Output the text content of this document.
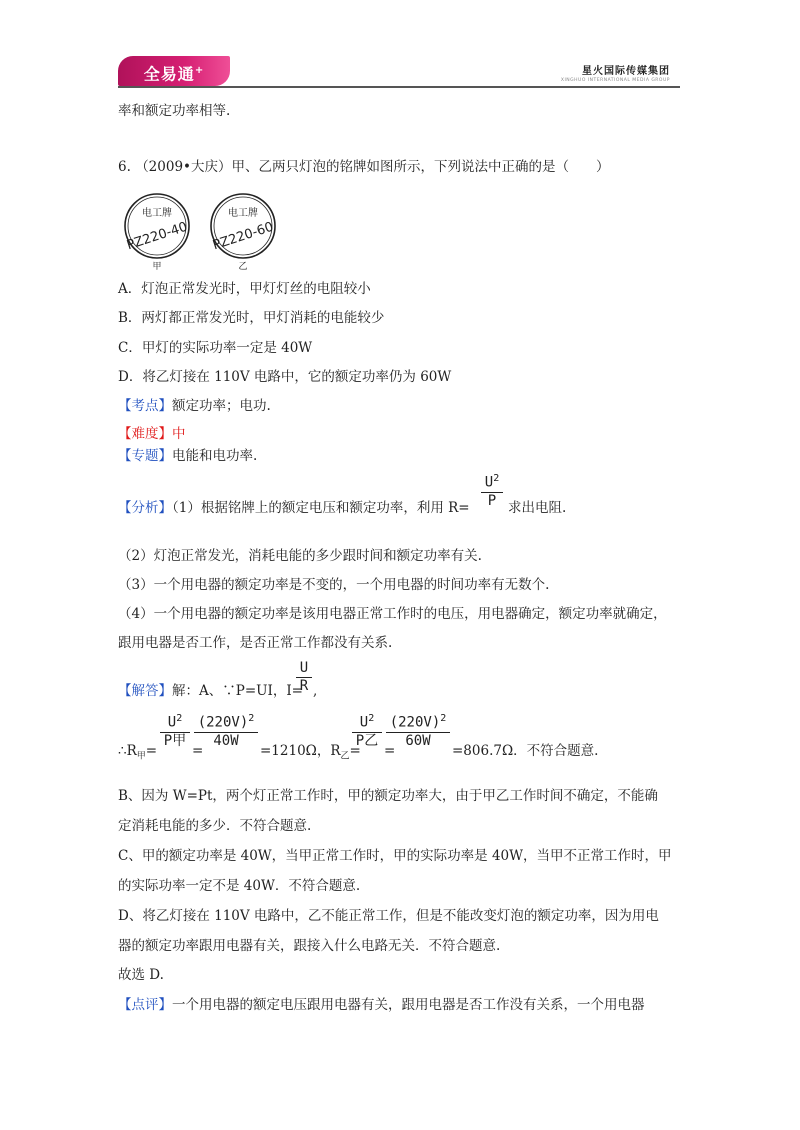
全易通+	星火国际传媒集团
XINGHUO INTERNATIONAL MEDIA GROUP
率和额定功率相等.
6. （2009•大庆）甲、乙两只灯泡的铭牌如图所示，下列说法中正确的是（　　）
电工牌
PZ220-40
甲
电工牌
PZ220-60
乙
A．灯泡正常发光时，甲灯灯丝的电阻较小
B．两灯都正常发光时，甲灯消耗的电能较少
C．甲灯的实际功率一定是 40W
D．将乙灯接在 110V 电路中，它的额定功率仍为 60W
【考点】额定功率；电功.
【难度】中
【专题】电能和电功率.
【分析】（1）根据铭牌上的额定电压和额定功率，利用 R=
$U^2$
P 求出电阻.
（2）灯泡正常发光，消耗电能的多少跟时间和额定功率有关.
（3）一个用电器的额定功率是不变的，一个用电器的时间功率有无数个.
（4）一个用电器的额定功率是该用电器正常工作时的电压，用电器确定，额定功率就确定，
跟用电器是否工作，是否正常工作都没有关系.
【解答】解：A、∵P=UI，I=
U
R ,
$\therefore R_甲=$
$U^2$
P甲
=
$(220V)^2$
40W
=1210Ω，$R_乙=$
$U^2$
P乙
=
$(220V)^2$
60W
=806.7Ω．不符合题意.
B、因为 W=Pt，两个灯正常工作时，甲的额定功率大，由于甲乙工作时间不确定，不能确
定消耗电能的多少．不符合题意.
C、甲的额定功率是 40W，当甲正常工作时，甲的实际功率是 40W，当甲不正常工作时，甲
的实际功率一定不是 40W．不符合题意.
D、将乙灯接在 110V 电路中，乙不能正常工作，但是不能改变灯泡的额定功率，因为用电
器的额定功率跟用电器有关，跟接入什么电路无关．不符合题意.
故选 D.
【点评】一个用电器的额定电压跟用电器有关，跟用电器是否工作没有关系，一个用电器
